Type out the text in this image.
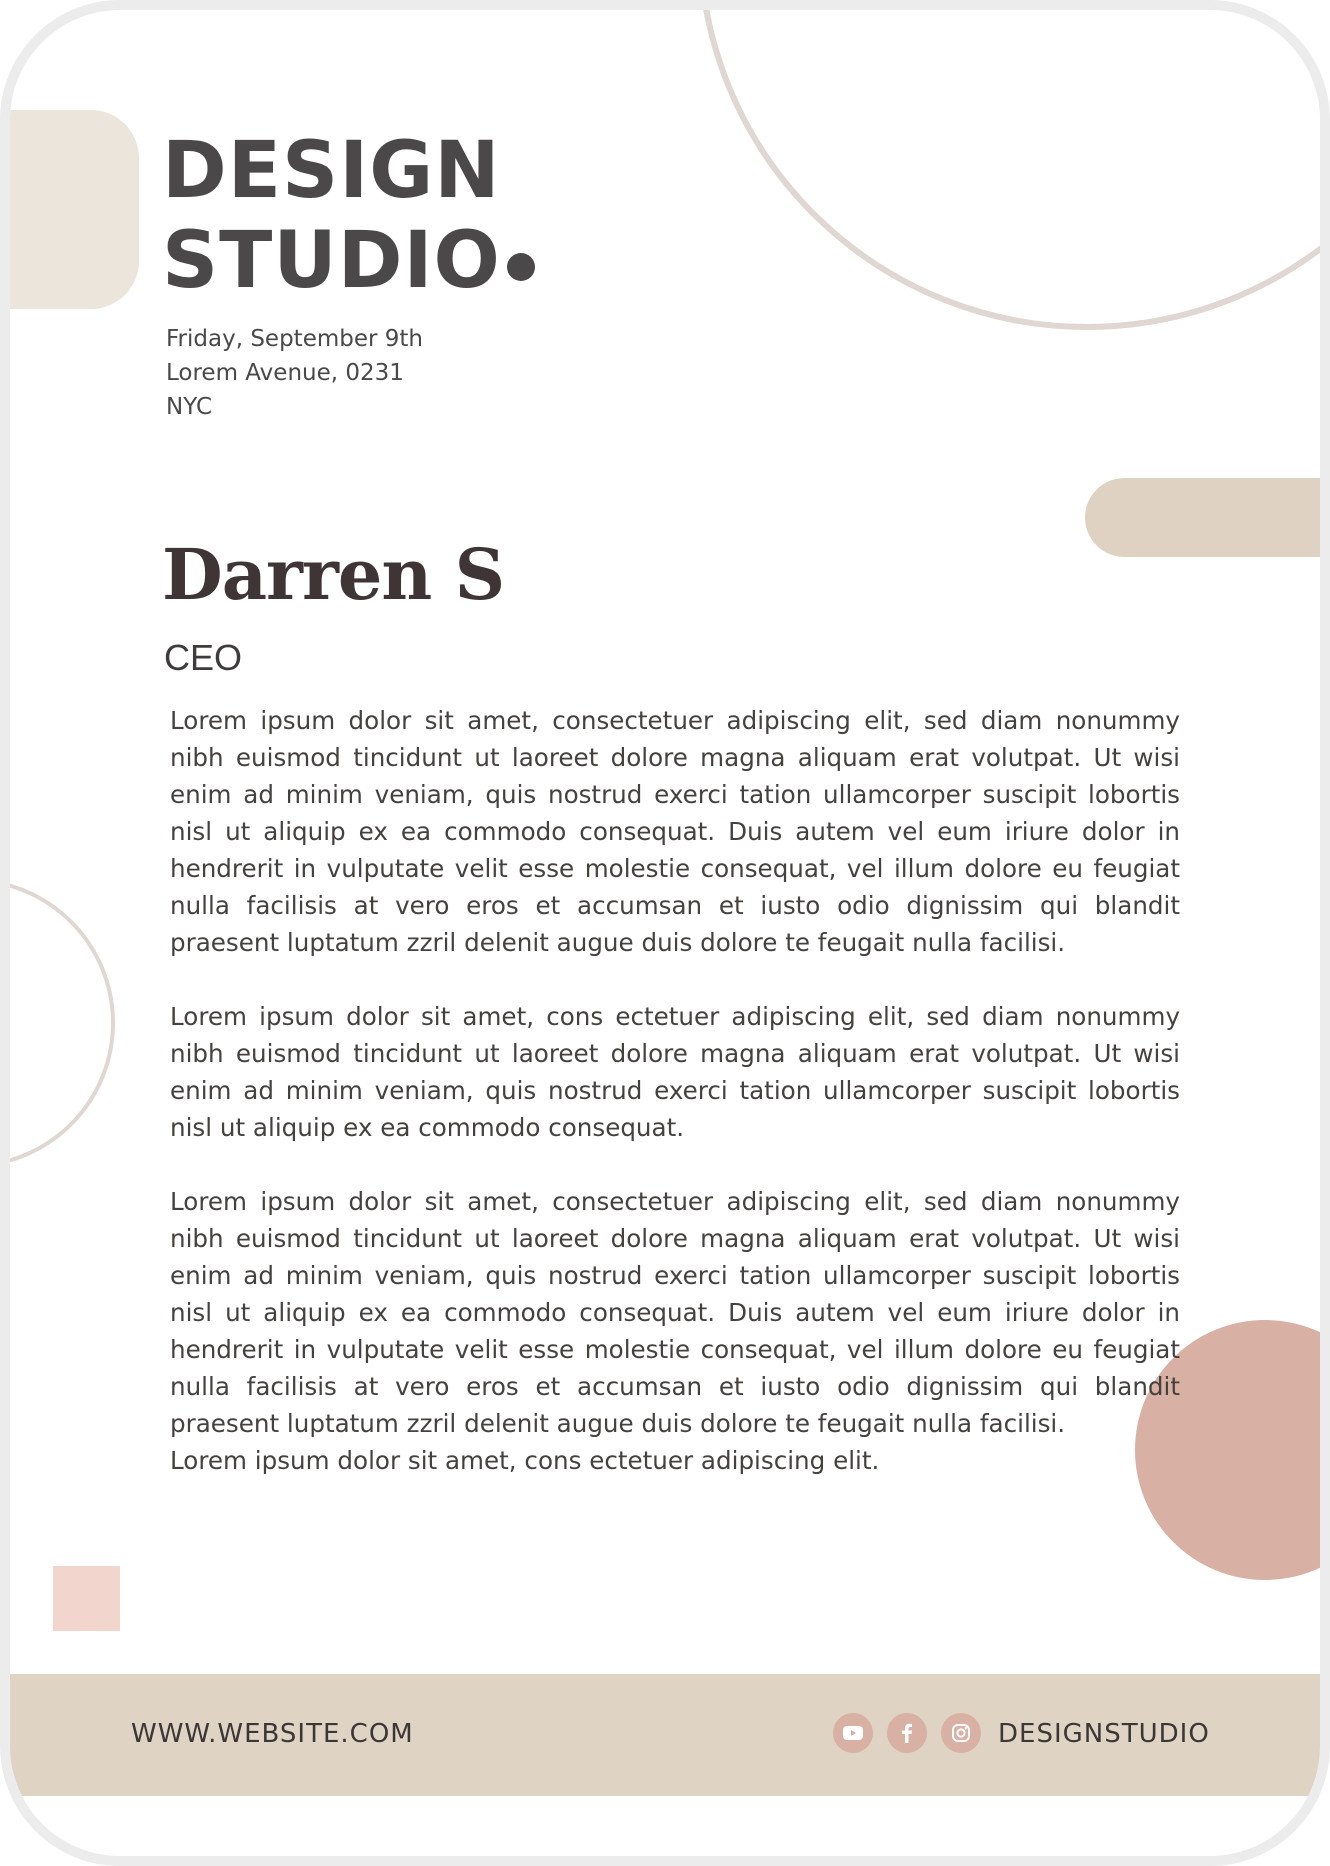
DESIGN
STUDIO
Friday, September 9th
Lorem Avenue, 0231
NYC
Darren S
CEO

Lorem ipsum dolor sit amet, consectetuer adipiscing elit, sed diam nonummy nibh euismod tincidunt ut laoreet dolore magna aliquam erat volutpat. Ut wisi enim ad minim veniam, quis nostrud exerci tation ullamcorper suscipit lobortis nisl ut aliquip ex ea commodo consequat. Duis autem vel eum iriure dolor in hendrerit in vulputate velit esse molestie consequat, vel illum dolore eu feugiat nulla facilisis at vero eros et accumsan et iusto odio dignissim qui blandit praesent luptatum zzril delenit augue duis dolore te feugait nulla facilisi.

Lorem ipsum dolor sit amet, cons ectetuer adipiscing elit, sed diam nonummy nibh euismod tincidunt ut laoreet dolore magna aliquam erat volutpat. Ut wisi enim ad minim veniam, quis nostrud exerci tation ullamcorper suscipit lobortis nisl ut aliquip ex ea commodo consequat.

Lorem ipsum dolor sit amet, consectetuer adipiscing elit, sed diam nonummy nibh euismod tincidunt ut laoreet dolore magna aliquam erat volutpat. Ut wisi enim ad minim veniam, quis nostrud exerci tation ullamcorper suscipit lobortis nisl ut aliquip ex ea commodo consequat. Duis autem vel eum iriure dolor in hendrerit in vulputate velit esse molestie consequat, vel illum dolore eu feugiat nulla facilisis at vero eros et accumsan et iusto odio dignissim qui blandit praesent luptatum zzril delenit augue duis dolore te feugait nulla facilisi.

Lorem ipsum dolor sit amet, cons ectetuer adipiscing elit.

WWW.WEBSITE.COM	DESIGNSTUDIO
